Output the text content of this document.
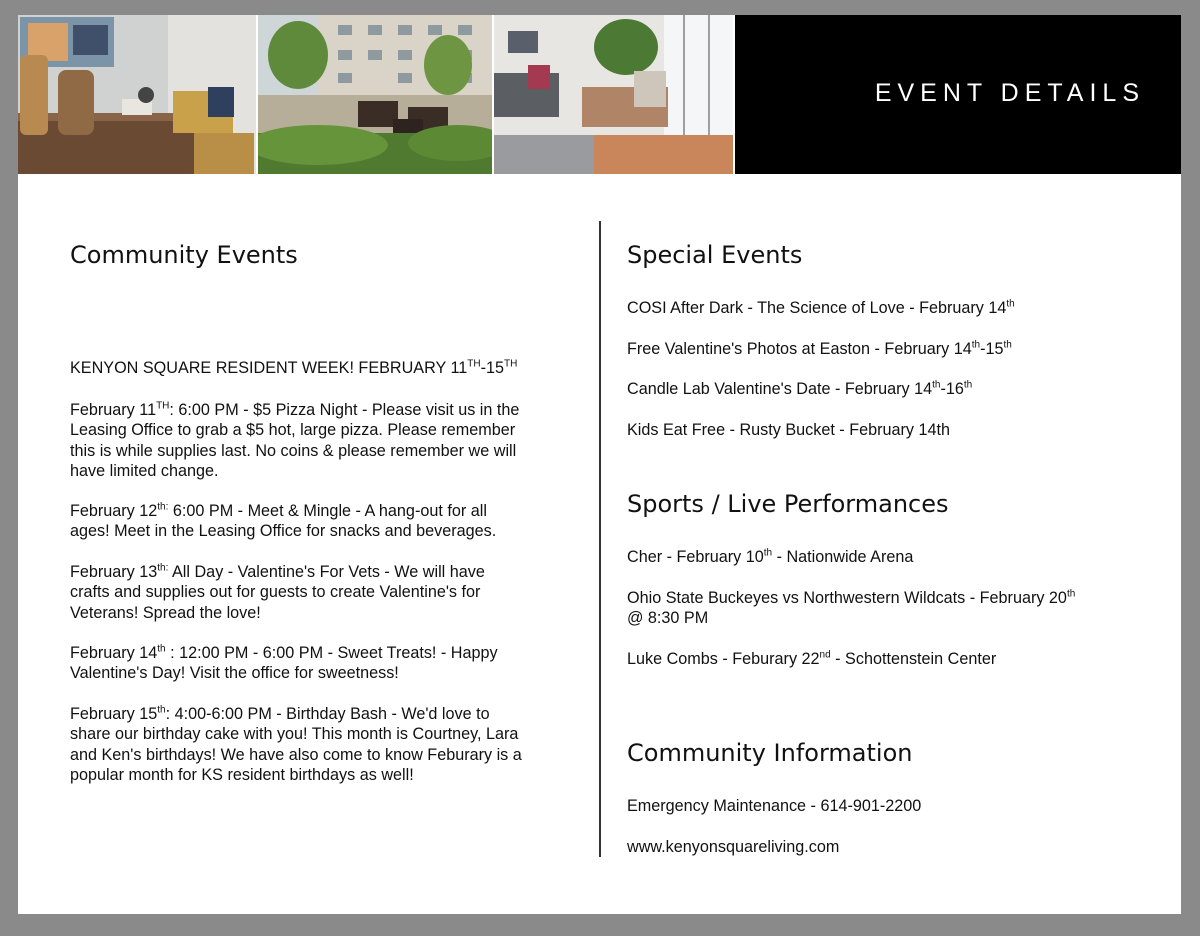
EVENT DETAILS
Community Events
KENYON SQUARE RESIDENT WEEK! FEBRUARY 11TH-15TH
February 11TH: 6:00 PM - $5 Pizza Night - Please visit us in the
Leasing Office to grab a $5 hot, large pizza. Please remember
this is while supplies last. No coins & please remember we will
have limited change.
February $12^{th:}$ 6:00 PM - Meet & Mingle - A hang-out for all
ages! Meet in the Leasing Office for snacks and beverages.
February $13^{th:}$ All Day - Valentine's For Vets - We will have
crafts and supplies out for guests to create Valentine's for
Veterans! Spread the love!
February 14th : 12:00 PM - 6:00 PM - Sweet Treats! - Happy
Valentine's Day! Visit the office for sweetness!
February 15th: 4:00-6:00 PM - Birthday Bash - We'd love to
share our birthday cake with you! This month is Courtney, Lara
and Ken's birthdays! We have also come to know Feburary is a
popular month for KS resident birthdays as well!
Special Events
COSI After Dark - The Science of Love - February 14th
Free Valentine's Photos at Easton - February 14th-15th
Candle Lab Valentine's Date - February 14th-16th
Kids Eat Free - Rusty Bucket - February 14th
Sports / Live Performances
Cher - February 10th - Nationwide Arena
Ohio State Buckeyes vs Northwestern Wildcats - February 20th
@ 8:30 PM
Luke Combs - Feburary 22nd - Schottenstein Center
Community Information
Emergency Maintenance - 614-901-2200
www.kenyonsquareliving.com
